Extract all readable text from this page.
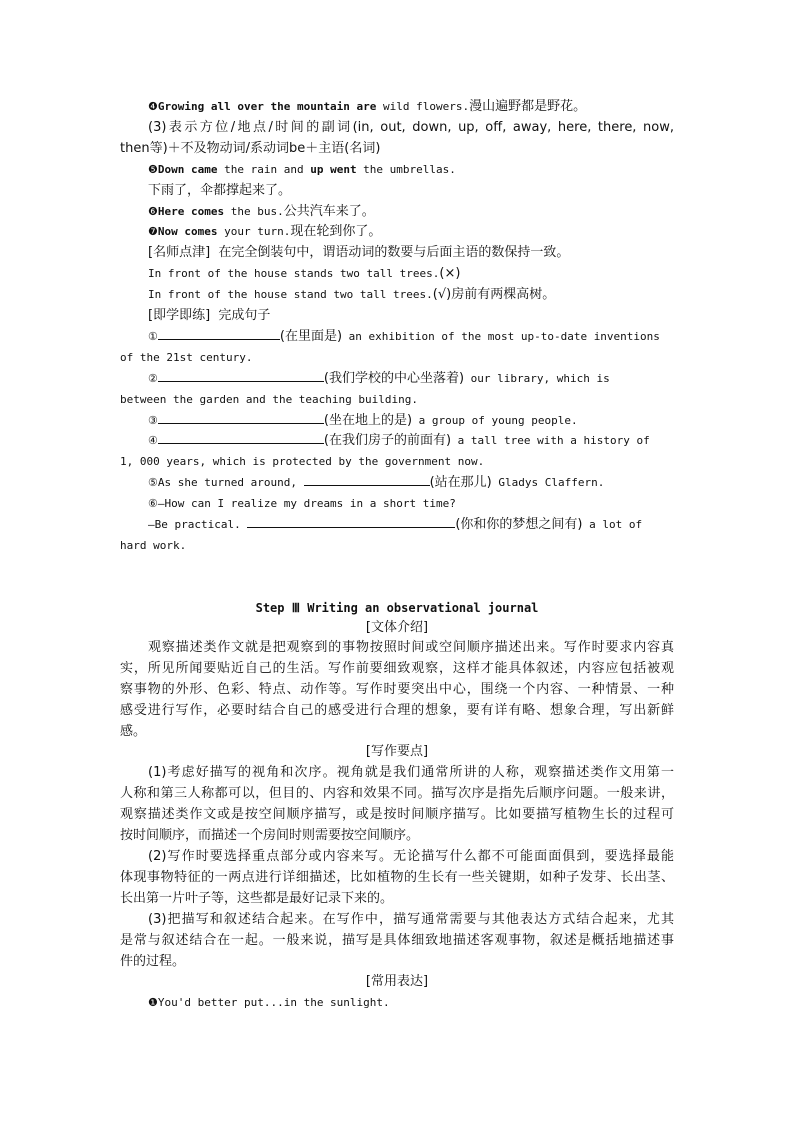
❹Growing all over the mountain are wild flowers.漫山遍野都是野花。
(3)表示方位/地点/时间的副词(in, out, down, up, off, away, here, there, now,
then等)＋不及物动词/系动词be＋主语(名词)
❺Down came the rain and up went the umbrellas.
下雨了，伞都撑起来了。
❻Here comes the bus.公共汽车来了。
❼Now comes your turn.现在轮到你了。
[名师点津] 在完全倒装句中，谓语动词的数要与后面主语的数保持一致。
In front of the house stands two tall trees.(×)
In front of the house stand two tall trees.(√)房前有两棵高树。
[即学即练] 完成句子
①	(在里面是) an exhibition of the most up-to-date inventions
of the 21st century.
②	(我们学校的中心坐落着) our library, which is
between the garden and the teaching building.
③	(坐在地上的是) a group of young people.
④	(在我们房子的前面有) a tall tree with a history of
1, 000 years, which is protected by the government now.
⑤As she turned around,	(站在那儿) Gladys Claffern.
⑥—How can I realize my dreams in a short time?
—Be practical.	(你和你的梦想之间有) a lot of
hard work.
Step Ⅲ Writing an observational journal
[文体介绍]
观察描述类作文就是把观察到的事物按照时间或空间顺序描述出来。写作时要求内容真
实，所见所闻要贴近自己的生活。写作前要细致观察，这样才能具体叙述，内容应包括被观
察事物的外形、色彩、特点、动作等。写作时要突出中心，围绕一个内容、一种情景、一种
感受进行写作，必要时结合自己的感受进行合理的想象，要有详有略、想象合理，写出新鲜
感。
[写作要点]
(1)考虑好描写的视角和次序。视角就是我们通常所讲的人称，观察描述类作文用第一
人称和第三人称都可以，但目的、内容和效果不同。描写次序是指先后顺序问题。一般来讲，
观察描述类作文或是按空间顺序描写，或是按时间顺序描写。比如要描写植物生长的过程可
按时间顺序，而描述一个房间时则需要按空间顺序。
(2)写作时要选择重点部分或内容来写。无论描写什么都不可能面面俱到，要选择最能
体现事物特征的一两点进行详细描述，比如植物的生长有一些关键期，如种子发芽、长出茎、
长出第一片叶子等，这些都是最好记录下来的。
(3)把描写和叙述结合起来。在写作中，描写通常需要与其他表达方式结合起来，尤其
是常与叙述结合在一起。一般来说，描写是具体细致地描述客观事物，叙述是概括地描述事
件的过程。
[常用表达]
❶You'd better put...in the sunlight.
